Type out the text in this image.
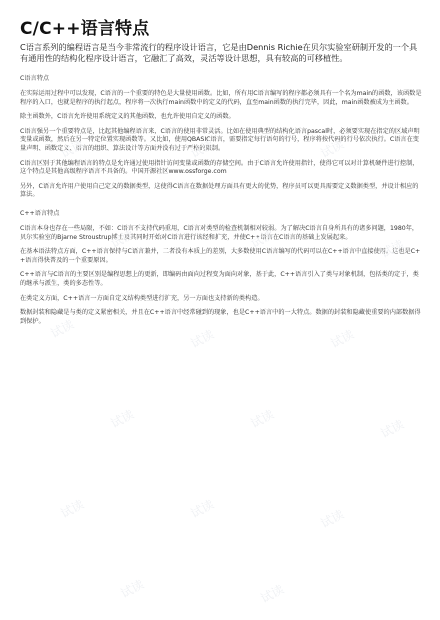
C/C++语言特点
C语言系列的编程语言是当今非常流行的程序设计语言，它是由Dennis Richie在贝尔实验室研制开发的一个具有通用性的结构化程序设计语言，它融汇了高效，灵活等设计思想，具有较高的可移植性。
C语言特点
在实际运用过程中可以发现，C语言的一个重要的特色是大量使用函数。比如，所有用C语言编写的程序都必须具有一个名为main的函数，该函数是程序的入口，也就是程序的执行起点，程序将一次执行main函数中的定义的代码，直至main函数的执行完毕，因此，main函数被成为主函数。
除主函数外，C语言允许使用系统定义的其他函数，也允许使用自定义的函数。
C语言强另一个重要特点是，比起其他编程语言来，C语言的使用非常灵活。比如在使用典型的结构化语言pascal时，必须要实现在指定的区域声明变量或函数，然后在另一特定位置实现函数等。又比如，使用QBASIC语言，需要指定每行语句的行号，程序将按代码的行号依次执行。C语言在变量声明、函数定义、语言的组织、算法设计等方面并没有过于严格的限制。
C语言区别于其他编程语言的特点是允许通过使用指针访问变量或函数的存储空间。由于C语言允许使用指针，使得它可以对计算机硬件进行控制，这个特点是其他高级程序语言不具备的。中国开源社区www.ossforge.com
另外，C语言允许用户使用自己定义的数据类型，这使得C语言在数据处理方面具有更大的优势，程序员可以更具需要定义数据类型，并设计相应的算法。
C++语言特点
C语言本身也存在一些局限，不如：C语言不支持代码重用，C语言对类型的检查机制相对较弱。为了解决C语言自身所具有的诸多问题，1980年，贝尔实验室的Bjarne Stroustrup博士及其同时开始对C语言进行该经和扩充，并使C++语言在C语言的基础上发展起来。
在基本语法特点方面，C++语言保持与C语言兼并，二者没有本质上的差别，大多数使用C语言编写的代码可以在C++语言中直接使用。这也是C++语言得快普及的一个重要原因。
C++语言与C语言的主要区别是编程思想上的更新，即编码由面向过程变为面向对象，基于此，C++语言引入了类与对象机制，包括类的定于，类的继承与派生，类的多态性等。
在类定义方面，C++语言一方面自定义结构类型进行扩充，另一方面也支持新的类构造。
数据封装和隐藏是与类的定义紧密相关，并且在C++语言中经常碰到的现象，也是C++语言中的一大特点。数据的封装和隐藏使重要的内部数据得到保护。
试读	试读	试读
试读	试读	试读
试读	试读	试读
试读	试读	试读
试读	试读	试读
试读	试读
